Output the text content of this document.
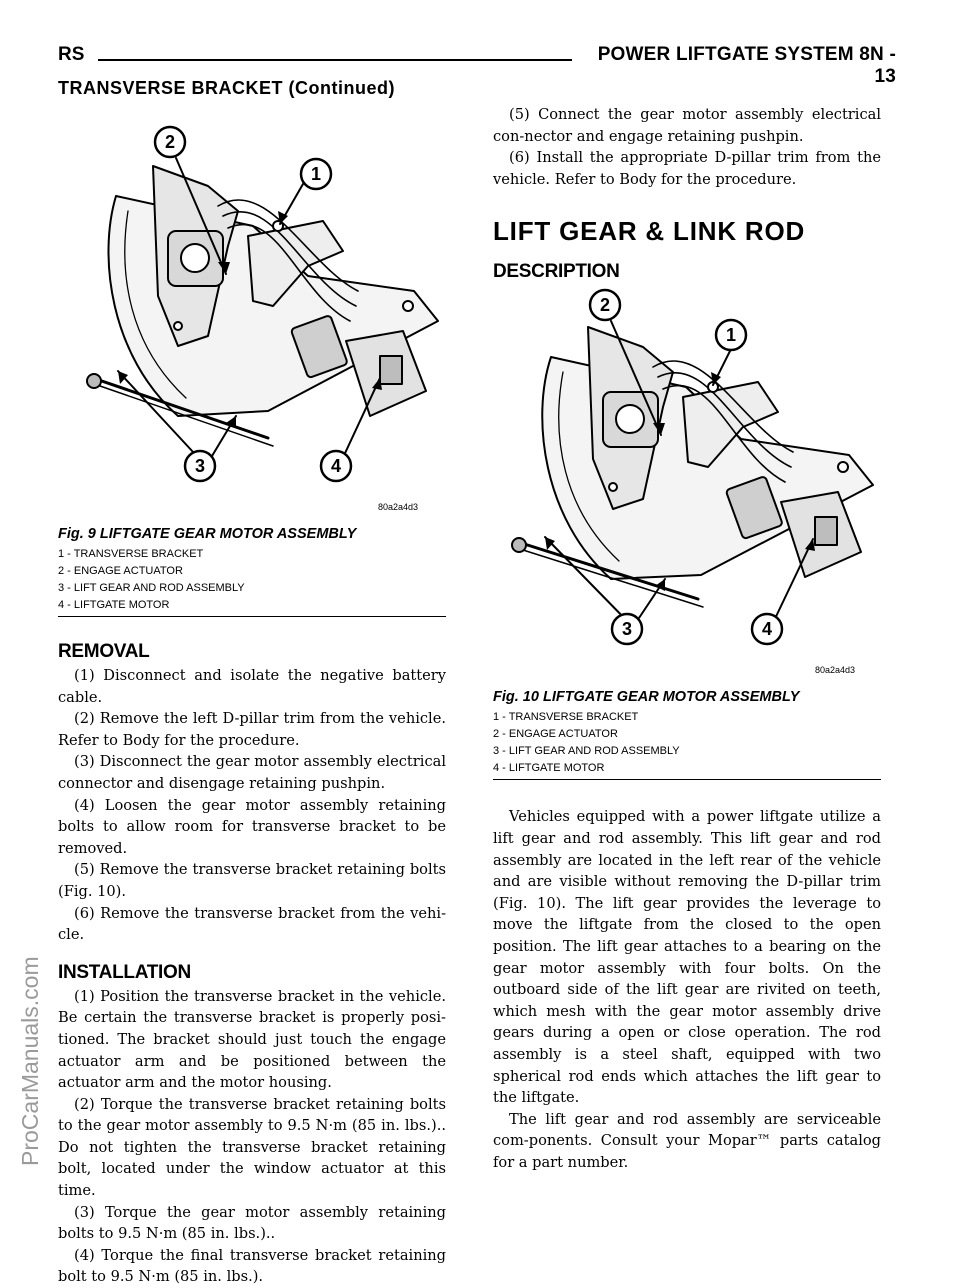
RS	POWER LIFTGATE SYSTEM 8N - 13
TRANSVERSE BRACKET (Continued)
ProCarManuals.com
2
1
3	4
80a2a4d3
Fig. 9 LIFTGATE GEAR MOTOR ASSEMBLY
1 - TRANSVERSE BRACKET
2 - ENGAGE ACTUATOR
3 - LIFT GEAR AND ROD ASSEMBLY
4 - LIFTGATE MOTOR
REMOVAL

(1) Disconnect and isolate the negative battery cable.

(2) Remove the left D-pillar trim from the vehicle. Refer to Body for the procedure.

(3) Disconnect the gear motor assembly electrical connector and disengage retaining pushpin.

(4) Loosen the gear motor assembly retaining bolts to allow room for transverse bracket to be removed.

(5) Remove the transverse bracket retaining bolts (Fig. 10).

(6) Remove the transverse bracket from the vehi-cle.

INSTALLATION

(1) Position the transverse bracket in the vehicle. Be certain the transverse bracket is properly posi-tioned. The bracket should just touch the engage actuator arm and be positioned between the actuator arm and the motor housing.

(2) Torque the transverse bracket retaining bolts to the gear motor assembly to 9.5 N·m (85 in. lbs.).. Do not tighten the transverse bracket retaining bolt, located under the window actuator at this time.

(3) Torque the gear motor assembly retaining bolts to 9.5 N·m (85 in. lbs.)..

(4) Torque the final transverse bracket retaining bolt to 9.5 N·m (85 in. lbs.).

(5) Connect the gear motor assembly electrical con-nector and engage retaining pushpin.

(6) Install the appropriate D-pillar trim from the vehicle. Refer to Body for the procedure.

LIFT GEAR & LINK ROD
DESCRIPTION
2
1
3	4
80a2a4d3
Fig. 10 LIFTGATE GEAR MOTOR ASSEMBLY
1 - TRANSVERSE BRACKET
2 - ENGAGE ACTUATOR
3 - LIFT GEAR AND ROD ASSEMBLY
4 - LIFTGATE MOTOR

Vehicles equipped with a power liftgate utilize a lift gear and rod assembly. This lift gear and rod assembly are located in the left rear of the vehicle and are visible without removing the D-pillar trim (Fig. 10). The lift gear provides the leverage to move the liftgate from the closed to the open position. The lift gear attaches to a bearing on the gear motor assembly with four bolts. On the outboard side of the lift gear are rivited on teeth, which mesh with the gear motor assembly drive gears during a open or close operation. The rod assembly is a steel shaft, equipped with two spherical rod ends which attaches the lift gear to the liftgate.

The lift gear and rod assembly are serviceable com-ponents. Consult your Mopar™ parts catalog for a part number.
